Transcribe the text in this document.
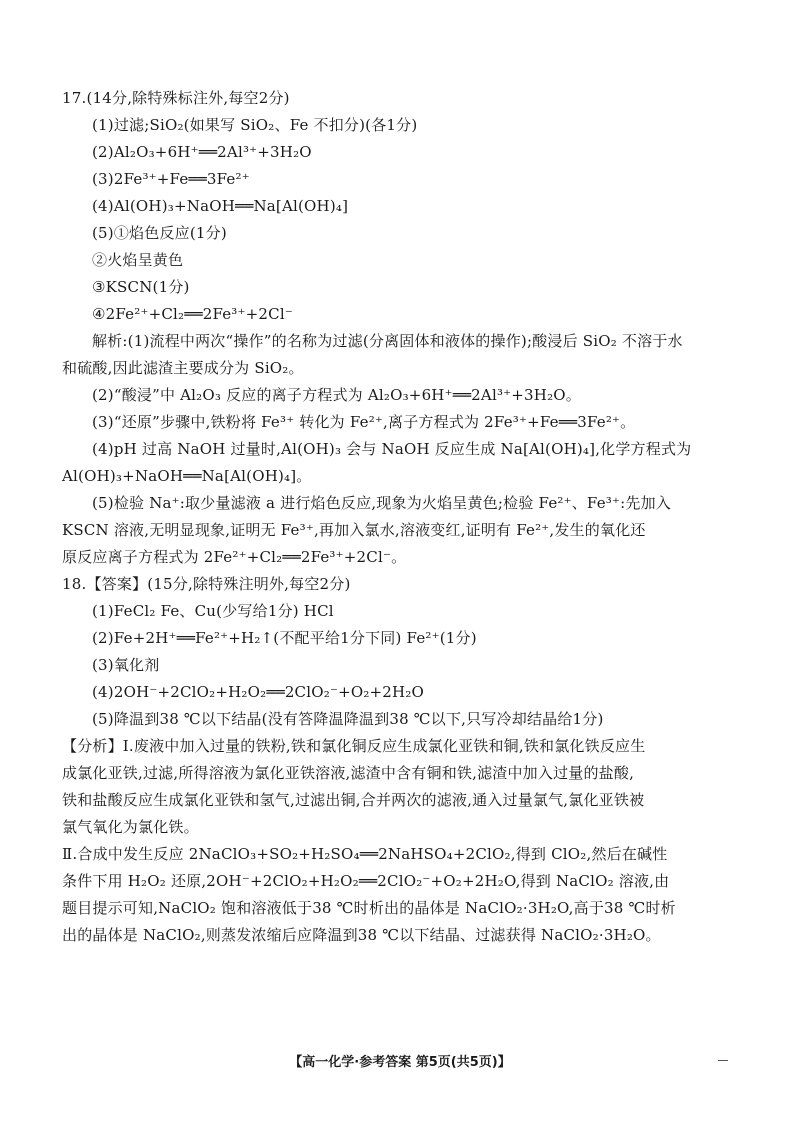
17.(14分,除特殊标注外,每空2分)
(1)过滤;SiO₂(如果写 SiO₂、Fe 不扣分)(各1分)
(2)Al₂O₃+6H⁺══2Al³⁺+3H₂O
(3)2Fe³⁺+Fe══3Fe²⁺
(4)Al(OH)₃+NaOH══Na[Al(OH)₄]
(5)①焰色反应(1分)
②火焰呈黄色
③KSCN(1分)
④2Fe²⁺+Cl₂══2Fe³⁺+2Cl⁻
解析:(1)流程中两次“操作”的名称为过滤(分离固体和液体的操作);酸浸后 SiO₂ 不溶于水
和硫酸,因此滤渣主要成分为 SiO₂。
(2)“酸浸”中 Al₂O₃ 反应的离子方程式为 Al₂O₃+6H⁺══2Al³⁺+3H₂O。
(3)“还原”步骤中,铁粉将 Fe³⁺ 转化为 Fe²⁺,离子方程式为 2Fe³⁺+Fe══3Fe²⁺。
(4)pH 过高 NaOH 过量时,Al(OH)₃ 会与 NaOH 反应生成 Na[Al(OH)₄],化学方程式为
Al(OH)₃+NaOH══Na[Al(OH)₄]。
(5)检验 Na⁺:取少量滤液 a 进行焰色反应,现象为火焰呈黄色;检验 Fe²⁺、Fe³⁺:先加入
KSCN 溶液,无明显现象,证明无 Fe³⁺,再加入氯水,溶液变红,证明有 Fe²⁺,发生的氧化还
原反应离子方程式为 2Fe²⁺+Cl₂══2Fe³⁺+2Cl⁻。
18.【答案】(15分,除特殊注明外,每空2分)
(1)FeCl₂ Fe、Cu(少写给1分) HCl
(2)Fe+2H⁺══Fe²⁺+H₂↑(不配平给1分下同) Fe²⁺(1分)
(3)氧化剂
(4)2OH⁻+2ClO₂+H₂O₂══2ClO₂⁻+O₂+2H₂O
(5)降温到38 ℃以下结晶(没有答降温降温到38 ℃以下,只写冷却结晶给1分)
【分析】Ⅰ.废液中加入过量的铁粉,铁和氯化铜反应生成氯化亚铁和铜,铁和氯化铁反应生
成氯化亚铁,过滤,所得溶液为氯化亚铁溶液,滤渣中含有铜和铁,滤渣中加入过量的盐酸,
铁和盐酸反应生成氯化亚铁和氢气,过滤出铜,合并两次的滤液,通入过量氯气,氯化亚铁被
氯气氧化为氯化铁。
Ⅱ.合成中发生反应 2NaClO₃+SO₂+H₂SO₄══2NaHSO₄+2ClO₂,得到 ClO₂,然后在碱性
条件下用 H₂O₂ 还原,2OH⁻+2ClO₂+H₂O₂══2ClO₂⁻+O₂+2H₂O,得到 NaClO₂ 溶液,由
题目提示可知,NaClO₂ 饱和溶液低于38 ℃时析出的晶体是 NaClO₂·3H₂O,高于38 ℃时析
出的晶体是 NaClO₂,则蒸发浓缩后应降温到38 ℃以下结晶、过滤获得 NaClO₂·3H₂O。
【高一化学·参考答案 第5页(共5页)】
